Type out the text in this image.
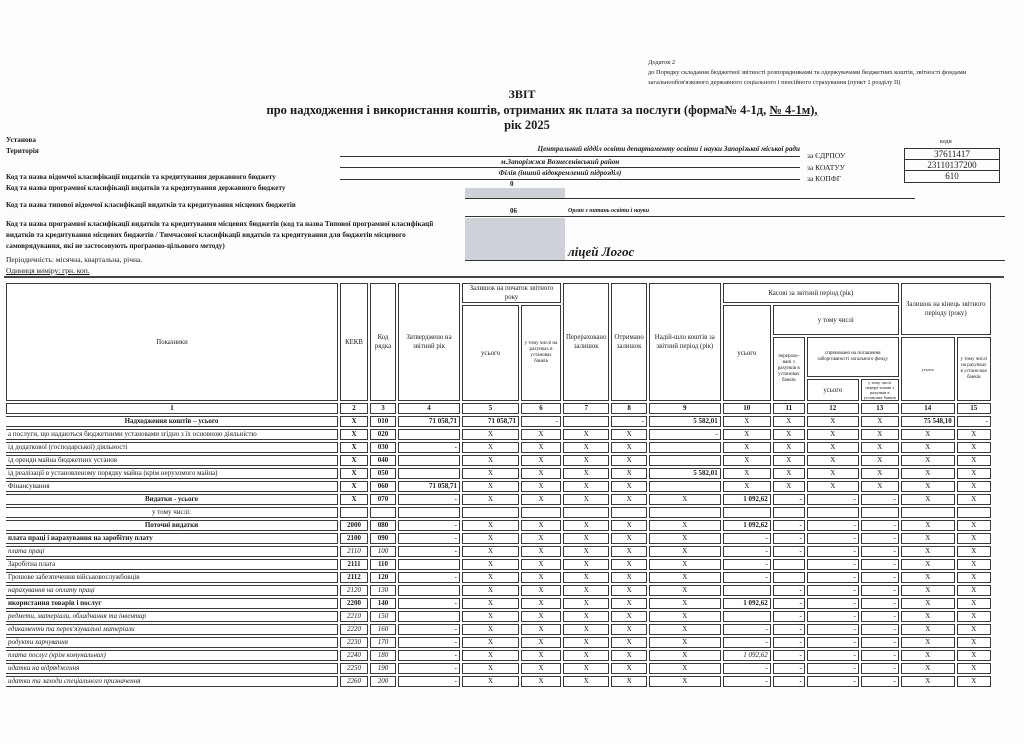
Додаток 2
до Порядку складання бюджетної звітності розпорядниками та одержувачами бюджетних коштів, звітності фондами загальнообов'язкового державного соціального і пенсійного страхування (пункт 1 розділу II)
ЗВІТ
про надходження і використання коштів, отриманих як плата за послуги (форма№ 4-1д, № 4-1м),
рік 2025
Установа
Територія
Код та назва відомчої класифікації видатків та кредитування державного бюджету
Код та назва програмної класифікації видатків та кредитування державного бюджету
Код та назва типової відомчої класифікації видатків та кредитування місцевих бюджетів
Код та назва програмної класифікації видатків та кредитування місцевих бюджетів (код та назва Типової програмної класифікації видатків та кредитування місцевих бюджетів / Тимчасової класифікації видатків та кредитування для бюджетів місцевого самоврядування, які не застосовують програмно-цільового методу)
Періодичність: місячна, квартальна, річна.
Одиниця виміру: грн. коп.
Центральний відділ освіти департаменту освіти і науки Запорізької міської ради
м.Запоріжжя Вознесенівський район
Філія (інший відокремлений підрозділ)
0
06	Орган з питань освіти і науки
ліцей Логос
коди
за ЄДРПОУ
за КОАТУУ
за КОПФГ
37611417
23110137200
610
Показники	КЕКВ	Код рядка	Затверджено на звітний рік	Залишок на початок звітного року		Перераховано залишок	Отримано залишок	Надій-шло коштів за звітний період (рік)	Касові за звітний період (рік)				Залишок на кінець звітного періоду (року)	
				усього	у тому числі на рахунках в установах банків				усього	у тому числі				
										перерахо-вані з рахунків в установах банків	спрямовано на погашення заборгованості загального фонду		усього	у тому числі на рахунках в устано-вах банків
											усього	у тому числі перера-ховані з рахунків в установах банків		
1	2	3	4	5	6	7	8	9	10	11	12	13	14	15
Надходження коштів – усього	X	010	71 058,71	71 058,71	-		-	5 582,01	X	X	X	X	75 548,10	-
а послуги, що надаються бюджетними установами згідно з їх основною діяльністю	X	020		X	X	X	X	-	X	X	X	X	X	X
ід додаткової (господарської) діяльності	X	030	-	X	X	X	X		X	X	X	X	X	X
ід оренди майна бюджетних установ	X	040		X	X	X	X		X	X	X	X	X	X
ід реалізації в установленому порядку майна (крім нерухомого майна)	X	050		X	X	X	X	5 582,01	X	X	X	X	X	X
Фінансування	X	060	71 058,71	X	X	X	X		X	X	X	X	X	X
Видатки - усього	X	070	-	X	X	X	X	X	1 092,62	-	-	-	X	X
у тому числі:														
Поточні видатки	2000	080	-	X	X	X	X	X	1 092,62	-	-	-	X	X
плата праці і нарахування на заробітну плату	2100	090	-	X	X	X	X	X	-	-	-	-	X	X
плата праці	2110	100	-	X	X	X	X	X	-	-	-	-	X	X
Заробітна плата	2111	110		X	X	X	X	X	-		-	-	X	X
Грошове забезпечення військовослужбовців	2112	120	-	X	X	X	X	X	-		-	-	X	X
нарахування на оплату праці	2120	130		X	X	X	X	X		-	-	-	X	X
икористання товарів і послуг	2200	140	-	X	X	X	X	X	1 092,62	-	-	-	X	X
редмети, матеріали, обладнання та інвентар	2210	150		X	X	X	X	X		-	-	-	X	X
едикаменти та перев'язувальні матеріали	2220	160	-	X	X	X	X	X	-	-	-	-	X	X
родукти харчування	2230	170	-	X	X	X	X	X	-	-	-	-	X	X
плата послуг (крім комунальних)	2240	180	-	X	X	X	X	X	1 092,62	-	-	-	X	X
идатки на відрядження	2250	190	-	X	X	X	X	X	-	-	-	-	X	X
идатки та заходи спеціального призначення	2260	200	-	X	X	X	X	X	-	-	-	-	X	X
